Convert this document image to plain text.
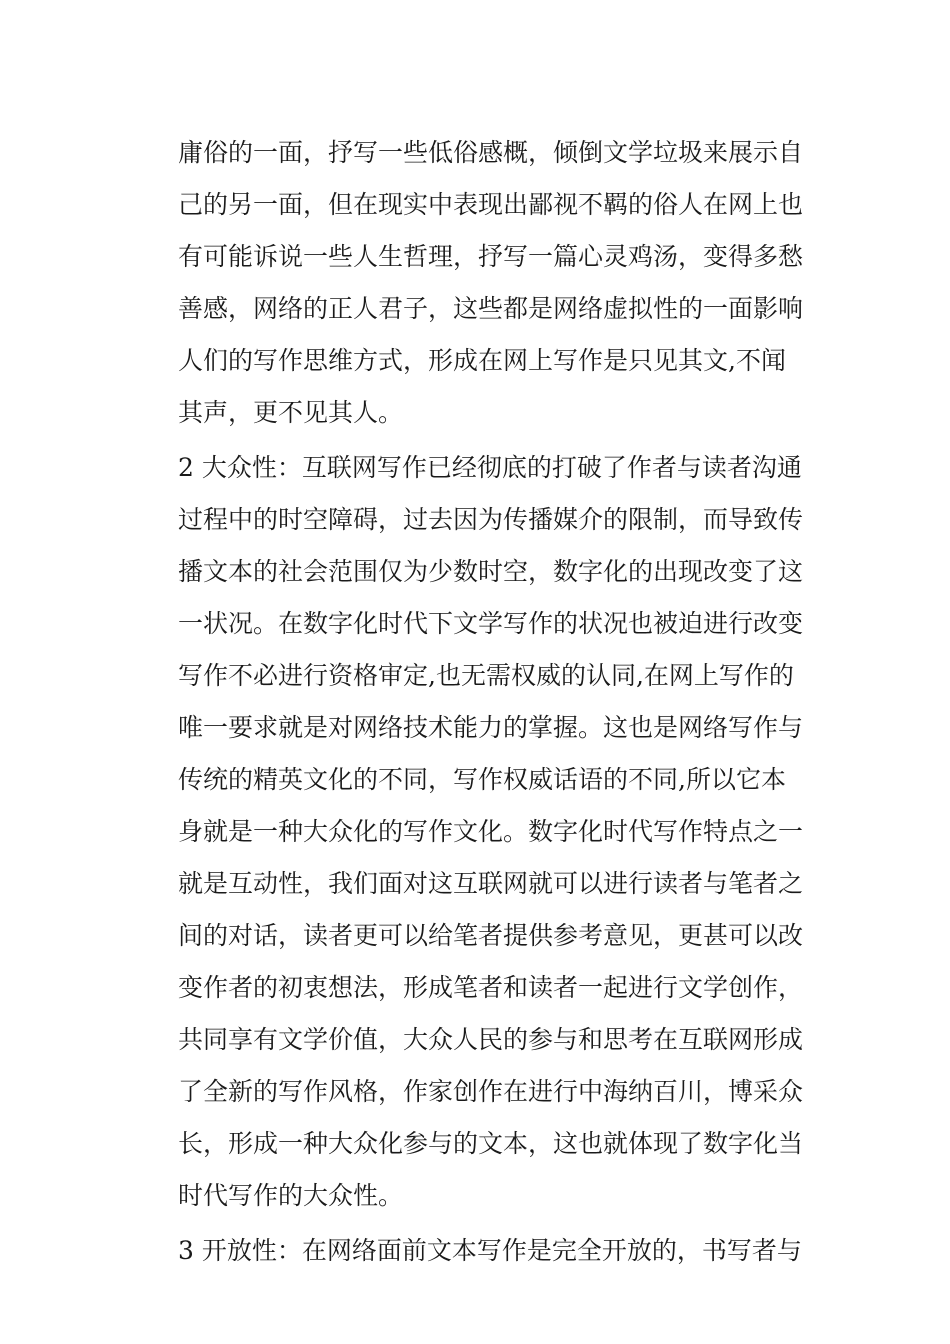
庸俗的一面，抒写一些低俗感概，倾倒文学垃圾来展示自
己的另一面，但在现实中表现出鄙视不羁的俗人在网上也
有可能诉说一些人生哲理，抒写一篇心灵鸡汤，变得多愁
善感，网络的正人君子，这些都是网络虚拟性的一面影响
人们的写作思维方式，形成在网上写作是只见其文,不闻
其声，更不见其人。
2 大众性：互联网写作已经彻底的打破了作者与读者沟通
过程中的时空障碍，过去因为传播媒介的限制，而导致传
播文本的社会范围仅为少数时空，数字化的出现改变了这
一状况。在数字化时代下文学写作的状况也被迫进行改变
写作不必进行资格审定,也无需权威的认同,在网上写作的
唯一要求就是对网络技术能力的掌握。这也是网络写作与
传统的精英文化的不同，写作权威话语的不同,所以它本
身就是一种大众化的写作文化。数字化时代写作特点之一
就是互动性，我们面对这互联网就可以进行读者与笔者之
间的对话，读者更可以给笔者提供参考意见，更甚可以改
变作者的初衷想法，形成笔者和读者一起进行文学创作，
共同享有文学价值，大众人民的参与和思考在互联网形成
了全新的写作风格，作家创作在进行中海纳百川，博采众
长，形成一种大众化参与的文本，这也就体现了数字化当
时代写作的大众性。
3 开放性：在网络面前文本写作是完全开放的，书写者与
